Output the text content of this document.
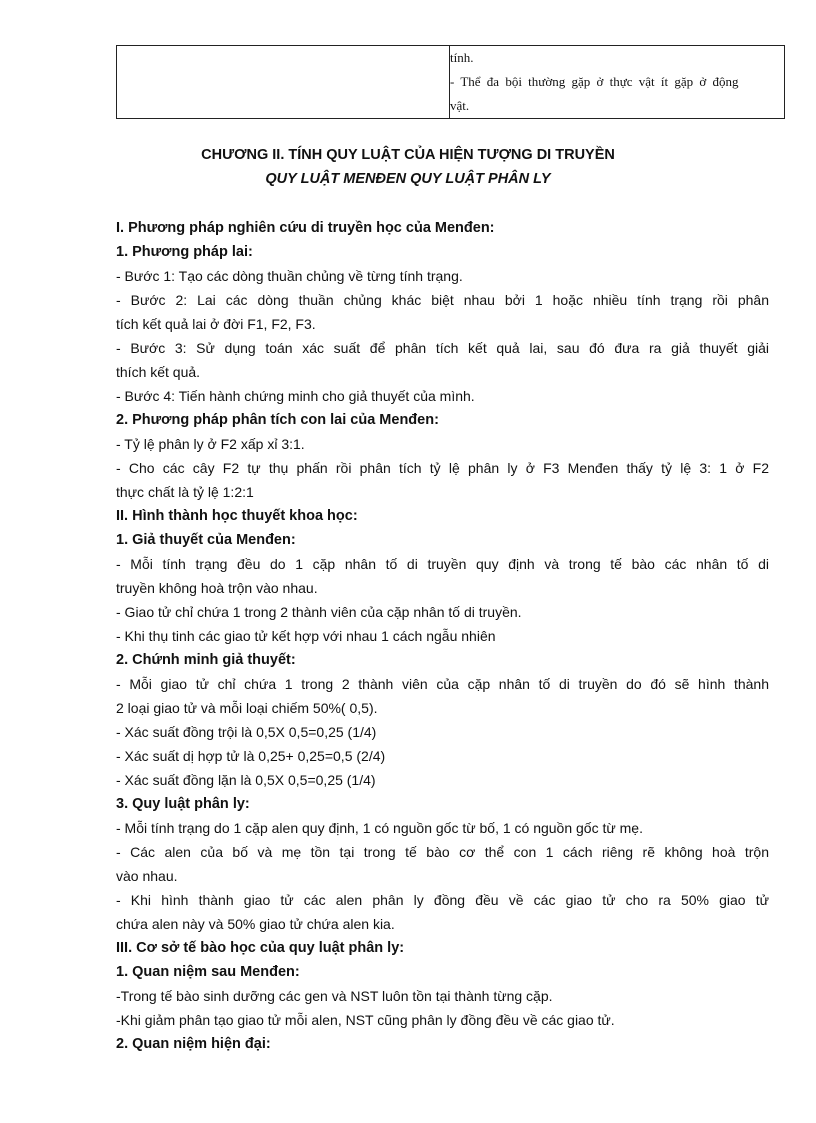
tính.
- Thể đa bội thường gặp ở thực vật ít gặp ở động
vật.
CHƯƠNG II. TÍNH QUY LUẬT CỦA HIỆN TƯỢNG DI TRUYỀN
QUY LUẬT MENĐEN QUY LUẬT PHÂN LY
I. Phương pháp nghiên cứu di truyền học của Menđen:
1. Phương pháp lai:
- Bước 1: Tạo các dòng thuần chủng về từng tính trạng.
- Bước 2: Lai các dòng thuần chủng khác biệt nhau bởi 1 hoặc nhiều tính trạng rồi phân
tích kết quả lai ở đời F1, F2, F3.
- Bước 3: Sử dụng toán xác suất để phân tích kết quả lai, sau đó đưa ra giả thuyết giải
thích kết quả.
- Bước 4: Tiến hành chứng minh cho giả thuyết của mình.
2. Phương pháp phân tích con lai của Menđen:
- Tỷ lệ phân ly ở F2 xấp xỉ 3:1.
- Cho các cây F2 tự thụ phấn rồi phân tích tỷ lệ phân ly ở F3 Menđen thấy tỷ lệ 3: 1 ở F2
thực chất là tỷ lệ 1:2:1
II. Hình thành học thuyết khoa học:
1. Giả thuyết của Menđen:
- Mỗi tính trạng đều do 1 cặp nhân tố di truyền quy định và trong tế bào các nhân tố di
truyền không hoà trộn vào nhau.
- Giao tử chỉ chứa 1 trong 2 thành viên của cặp nhân tố di truyền.
- Khi thụ tinh các giao tử kết hợp với nhau 1 cách ngẫu nhiên
2. Chứnh minh giả thuyết:
- Mỗi giao tử chỉ chứa 1 trong 2 thành viên của cặp nhân tố di truyền do đó sẽ hình thành
2 loại giao tử và mỗi loại chiếm 50%( 0,5).
- Xác suất đồng trội là 0,5X 0,5=0,25 (1/4)
- Xác suất dị hợp tử là 0,25+ 0,25=0,5 (2/4)
- Xác suất đồng lặn là 0,5X 0,5=0,25 (1/4)
3. Quy luật phân ly:
- Mỗi tính trạng do 1 cặp alen quy định, 1 có nguồn gốc từ bố, 1 có nguồn gốc từ mẹ.
- Các alen của bố và mẹ tồn tại trong tế bào cơ thể con 1 cách riêng rẽ không hoà trộn
vào nhau.
- Khi hình thành giao tử các alen phân ly đồng đều về các giao tử cho ra 50% giao tử
chứa alen này và 50% giao tử chứa alen kia.
III. Cơ sở tế bào học của quy luật phân ly:
1. Quan niệm sau Menđen:
-Trong tế bào sinh dưỡng các gen và NST luôn tồn tại thành từng cặp.
-Khi giảm phân tạo giao tử mỗi alen, NST cũng phân ly đồng đều về các giao tử.
2. Quan niệm hiện đại:
